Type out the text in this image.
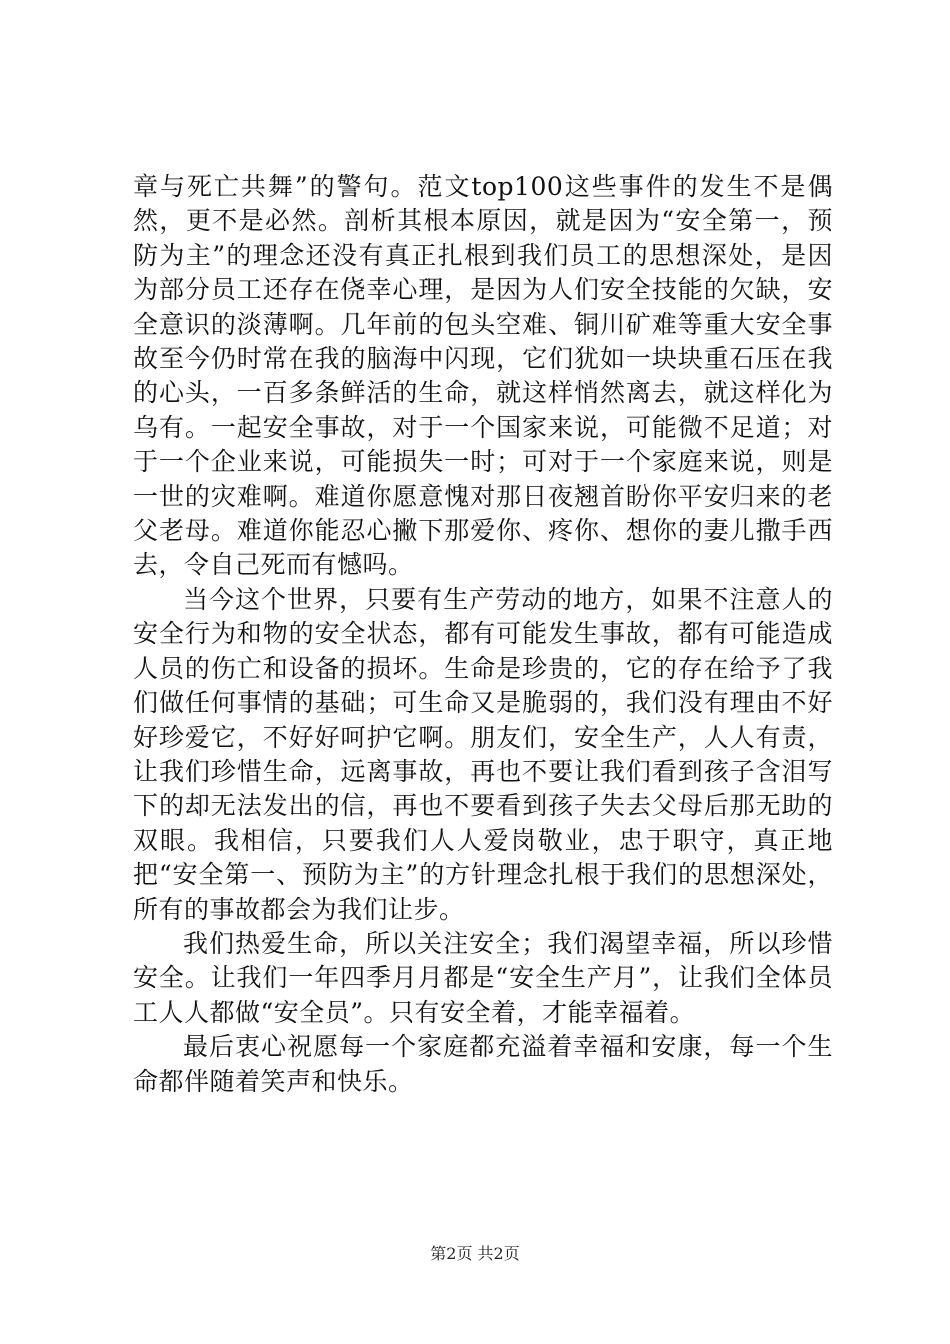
章与死亡共舞”的警句。范文top100这些事件的发生不是偶然，更不是必然。剖析其根本原因，就是因为“安全第一，预防为主”的理念还没有真正扎根到我们员工的思想深处，是因为部分员工还存在侥幸心理，是因为人们安全技能的欠缺，安全意识的淡薄啊。几年前的包头空难、铜川矿难等重大安全事故至今仍时常在我的脑海中闪现，它们犹如一块块重石压在我的心头，一百多条鲜活的生命，就这样悄然离去，就这样化为乌有。一起安全事故，对于一个国家来说，可能微不足道；对于一个企业来说，可能损失一时；可对于一个家庭来说，则是一世的灾难啊。难道你愿意愧对那日夜翘首盼你平安归来的老父老母。难道你能忍心撇下那爱你、疼你、想你的妻儿撒手西去，令自己死而有憾吗。

当今这个世界，只要有生产劳动的地方，如果不注意人的安全行为和物的安全状态，都有可能发生事故，都有可能造成人员的伤亡和设备的损坏。生命是珍贵的，它的存在给予了我们做任何事情的基础；可生命又是脆弱的，我们没有理由不好好珍爱它，不好好呵护它啊。朋友们，安全生产，人人有责，让我们珍惜生命，远离事故，再也不要让我们看到孩子含泪写下的却无法发出的信，再也不要看到孩子失去父母后那无助的双眼。我相信，只要我们人人爱岗敬业，忠于职守，真正地把“安全第一、预防为主”的方针理念扎根于我们的思想深处，所有的事故都会为我们让步。

我们热爱生命，所以关注安全；我们渴望幸福，所以珍惜安全。让我们一年四季月月都是“安全生产月”，让我们全体员工人人都做“安全员”。只有安全着，才能幸福着。

最后衷心祝愿每一个家庭都充溢着幸福和安康，每一个生命都伴随着笑声和快乐。

第2页 共2页
